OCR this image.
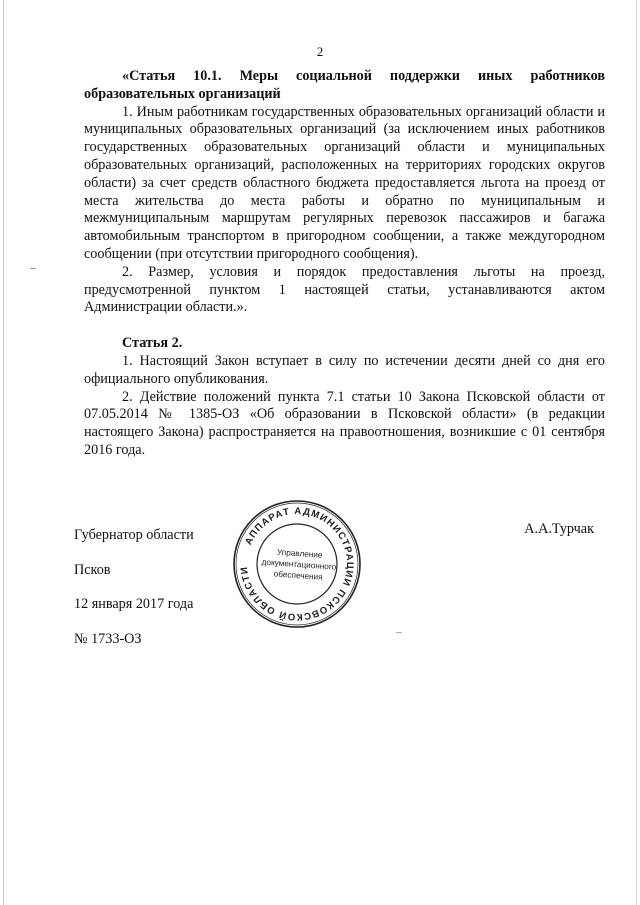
2

«Статья 10.1. Меры социальной поддержки иных работников образовательных организаций

1. Иным работникам государственных образовательных организаций области и муниципальных образовательных организаций (за исключением иных работников государственных образовательных организаций области и муниципальных образовательных организаций, расположенных на территориях городских округов области) за счет средств областного бюджета предоставляется льгота на проезд от места жительства до места работы и обратно по муниципальным и межмуниципальным маршрутам регулярных перевозок пассажиров и багажа автомобильным транспортом в пригородном сообщении, а также междугородном сообщении (при отсутствии пригородного сообщения).

2. Размер, условия и порядок предоставления льготы на проезд, предусмотренной пунктом 1 настоящей статьи, устанавливаются актом Администрации области.».

Статья 2.

1. Настоящий Закон вступает в силу по истечении десяти дней со дня его официального опубликования.

2. Действие положений пункта 7.1 статьи 10 Закона Псковской области от 07.05.2014 № 1385-ОЗ «Об образовании в Псковской области» (в редакции настоящего Закона) распространяется на правоотношения, возникшие с 01 сентября 2016 года.

Губернатор области
Псков
12 января 2017 года
№ 1733-ОЗ
А.А.Турчак
АППАРАТ АДМИНИСТРАЦИИ ПСКОВСКОЙ ОБЛАСТИ
Управление
документационного
обеспечения
